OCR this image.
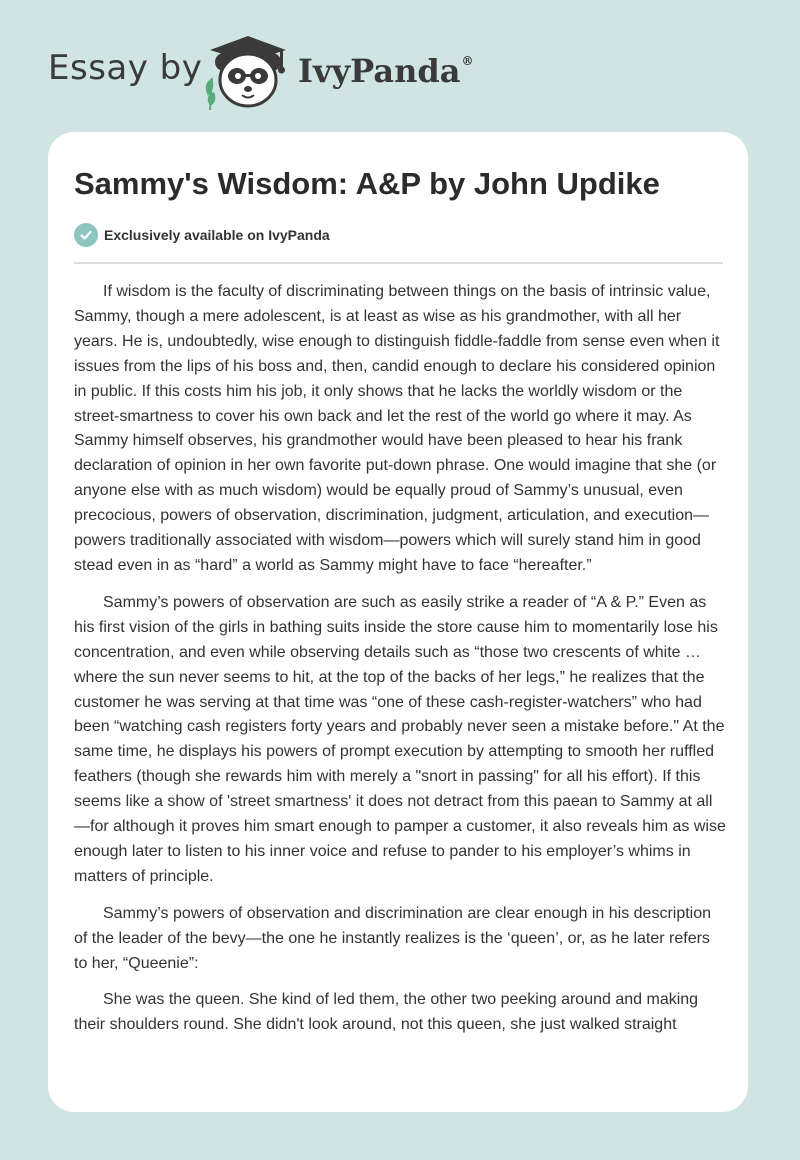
Essay by	IvyPanda®
Sammy's Wisdom: A&P by John Updike
Exclusively available on IvyPanda

If wisdom is the faculty of discriminating between things on the basis of intrinsic value, Sammy, though a mere adolescent, is at least as wise as his grandmother, with all her years. He is, undoubtedly, wise enough to distinguish fiddle-faddle from sense even when it issues from the lips of his boss and, then, candid enough to declare his considered opinion in public. If this costs him his job, it only shows that he lacks the worldly wisdom or the street-smartness to cover his own back and let the rest of the world go where it may. As Sammy himself observes, his grandmother would have been pleased to hear his frank declaration of opinion in her own favorite put-down phrase. One would imagine that she (or anyone else with as much wisdom) would be equally proud of Sammy’s unusual, even precocious, powers of observation, discrimination, judgment, articulation, and execution—powers traditionally associated with wisdom—powers which will surely stand him in good stead even in as “hard” a world as Sammy might have to face “hereafter.”

Sammy’s powers of observation are such as easily strike a reader of “A & P.” Even as his first vision of the girls in bathing suits inside the store cause him to momentarily lose his concentration, and even while observing details such as “those two crescents of white … where the sun never seems to hit, at the top of the backs of her legs,” he realizes that the customer he was serving at that time was “one of these cash-register-watchers” who had been “watching cash registers forty years and probably never seen a mistake before." At the same time, he displays his powers of prompt execution by attempting to smooth her ruffled feathers (though she rewards him with merely a "snort in passing" for all his effort). If this seems like a show of 'street smartness' it does not detract from this paean to Sammy at all—for although it proves him smart enough to pamper a customer, it also reveals him as wise enough later to listen to his inner voice and refuse to pander to his employer’s whims in matters of principle.

Sammy’s powers of observation and discrimination are clear enough in his description of the leader of the bevy—the one he instantly realizes is the ‘queen’, or, as he later refers to her, “Queenie”:

She was the queen. She kind of led them, the other two peeking around and making their shoulders round. She didn't look around, not this queen, she just walked straight
